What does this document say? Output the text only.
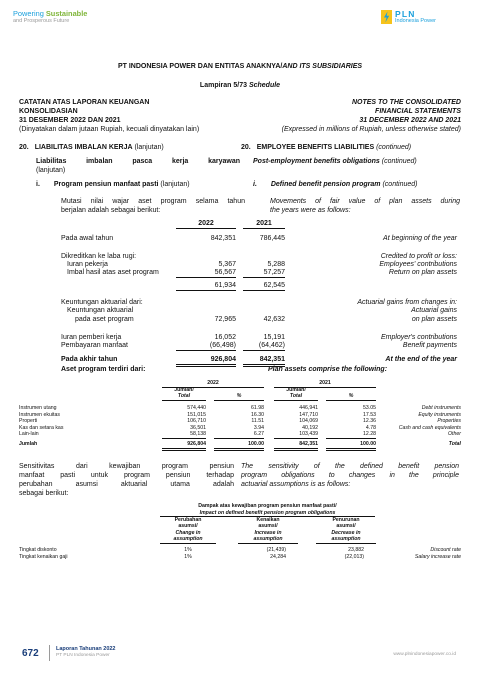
Powering Sustainable
and Prosperous Future
PLN
Indonesia Power
PT INDONESIA POWER DAN ENTITAS ANAKNYA/AND ITS SUBSIDIARIES
Lampiran 5/73 Schedule
CATATAN ATAS LAPORAN KEUANGAN
KONSOLIDASIAN
31 DESEMBER 2022 DAN 2021
(Dinyatakan dalam jutaan Rupiah, kecuali dinyatakan lain)
NOTES TO THE CONSOLIDATED
FINANCIAL STATEMENTS
31 DECEMBER 2022 AND 2021
(Expressed in millions of Rupiah, unless otherwise stated)
20. LIABILITAS IMBALAN KERJA (lanjutan)	20. EMPLOYEE BENEFITS LIABILITIES (continued)
Liabilitas	imbalan	pasca	kerja	karyawan
(lanjutan)
Post-employment benefits obligations (continued)
i. Program pensiun manfaat pasti (lanjutan)	i. Defined benefit pension program (continued)
Mutasi nilai wajar aset program selama tahun
berjalan adalah sebagai berikut:
Movements of fair value of plan assets during
the years were as follows:
2022	2021
Pada awal tahun	842,351	786,445	At beginning of the year
Dikreditkan ke laba rugi:	Credited to profit or loss:
Iuran pekerja	5,367	5,288	Employees' contributions
Imbal hasil atas aset program	56,567	57,257	Return on plan assets
61,934	62,545
Keuntungan aktuarial dari:	Actuarial gains from changes in:
Keuntungan aktuarial	Actuarial gains
pada aset program	72,965	42,632	on plan assets
Iuran pemberi kerja	16,052	15,191	Employer's contributions
Pembayaran manfaat	(66,498)	(64,462)	Benefit payments
Pada akhir tahun	926,804	842,351	At the end of the year
Aset program terdiri dari:	Plan assets comprise the following:
2022	2021
Jumlah/
Total	%
Jumlah/
Total	%
Instrumen utang	574,440	61.98	446,941	53.05	Debt instruments
Instrumen ekuitas	151,015	16.30	147,710	17.53	Equity instruments
Properti	106,710	11.51	104,069	12.36	Properties
Kas dan setara kas	36,501	3.94	40,192	4.78	Cash and cash equivalents
Lain-lain	58,138	6.27	103,439	12.28	Other
Jumlah	926,804	100.00	842,351	100.00	Total
Sensitivitas dari kewajiban program pensiun
manfaat pasti untuk program pensiun terhadap
perubahan asumsi aktuarial utama adalah
sebagai berikut:
The sensitivity of the defined benefit pension
program obligations to changes in the principle
actuarial assumptions is as follows:
Dampak atas kewajiban program pensiun manfaat pasti/
Impact on defined benefit pension program obligations
Perubahan
asumsi/
Change in
assumption
Kenaikan
asumsi/
Increase in
assumption
Penurunan
asumsi/
Decrease in
assumption
Tingkat diskonto	1%	(21,439)	23,882	Discount rate
Tingkat kenaikan gaji	1%	24,284	(22,013)	Salary increase rate
672	Laporan Tahunan 2022
PT PLN Indonesia Power	www.plnindonesiapower.co.id
